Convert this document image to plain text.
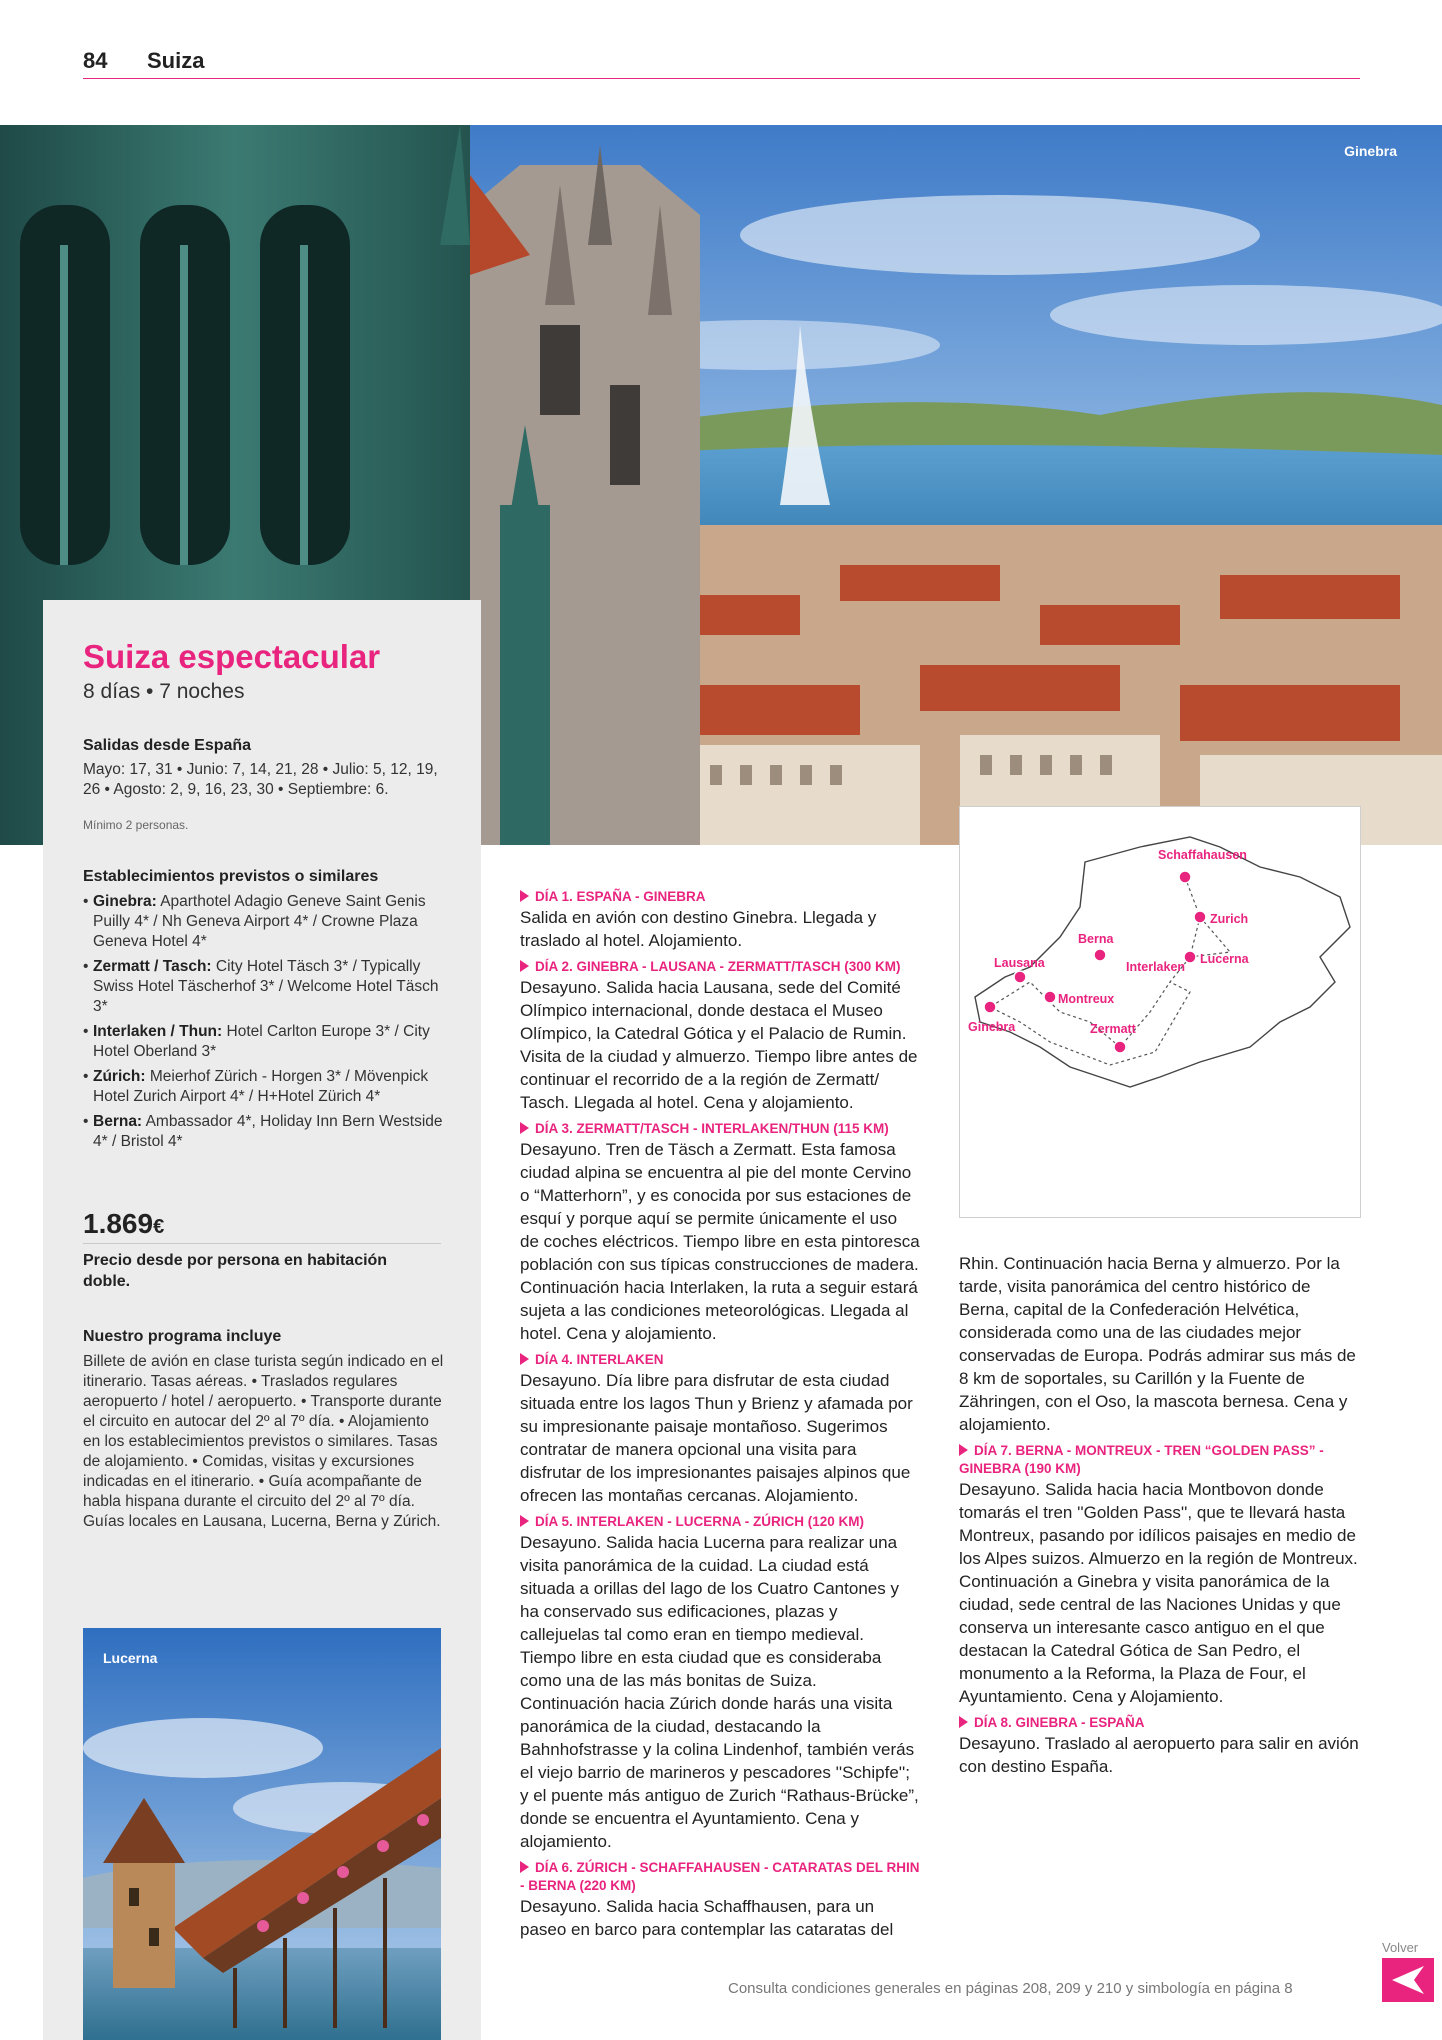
84 Suiza
Ginebra
Suiza espectacular
8 días • 7 noches
Salidas desde España
Mayo: 17, 31 • Junio: 7, 14, 21, 28 • Julio: 5, 12, 19, 26 • Agosto: 2, 9, 16, 23, 30 • Septiembre: 6.
Mínimo 2 personas.
Establecimientos previstos o similares
• Ginebra: Aparthotel Adagio Geneve Saint Genis Puilly 4* / Nh Geneva Airport 4* / Crowne Plaza Geneva Hotel 4*
• Zermatt / Tasch: City Hotel Täsch 3* / Typically Swiss Hotel Täscherhof 3* / Welcome Hotel Täsch 3*
• Interlaken / Thun: Hotel Carlton Europe 3* / City Hotel Oberland 3*
• Zúrich: Meierhof Zürich - Horgen 3* / Mövenpick Hotel Zurich Airport 4* / H+Hotel Zürich 4*
• Berna: Ambassador 4*, Holiday Inn Bern Westside 4* / Bristol 4*
1.869€
Precio desde por persona en habitación doble.
Nuestro programa incluye
Billete de avión en clase turista según indicado en el itinerario. Tasas aéreas. • Traslados regulares aeropuerto / hotel / aeropuerto. • Transporte durante el circuito en autocar del 2º al 7º día. • Alojamiento en los establecimientos previstos o similares. Tasas de alojamiento. • Comidas, visitas y excursiones indicadas en el itinerario. • Guía acompañante de habla hispana durante el circuito del 2º al 7º día. Guías locales en Lausana, Lucerna, Berna y Zúrich.
Lucerna
Schaffahausen
Zurich
Lucerna
Berna
Interlaken
Lausana
Montreux
Ginebra	Zermatt
DÍA 1. ESPAÑA - GINEBRA

Salida en avión con destino Ginebra. Llegada y traslado al hotel. Alojamiento.

DÍA 2. GINEBRA - LAUSANA - ZERMATT/TASCH (300 KM)

Desayuno. Salida hacia Lausana, sede del Comité Olímpico internacional, donde destaca el Museo Olímpico, la Catedral Gótica y el Palacio de Rumin. Visita de la ciudad y almuerzo. Tiempo libre antes de continuar el recorrido de a la región de Zermatt/ Tasch. Llegada al hotel. Cena y alojamiento.

DÍA 3. ZERMATT/TASCH - INTERLAKEN/THUN (115 KM)

Desayuno. Tren de Täsch a Zermatt. Esta famosa ciudad alpina se encuentra al pie del monte Cervino o “Matterhorn”, y es conocida por sus estaciones de esquí y porque aquí se permite únicamente el uso de coches eléctricos. Tiempo libre en esta pintoresca población con sus típicas construcciones de madera. Continuación hacia Interlaken, la ruta a seguir estará sujeta a las condiciones meteorológicas. Llegada al hotel. Cena y alojamiento.

DÍA 4. INTERLAKEN

Desayuno. Día libre para disfrutar de esta ciudad situada entre los lagos Thun y Brienz y afamada por su impresionante paisaje montañoso. Sugerimos contratar de manera opcional una visita para disfrutar de los impresionantes paisajes alpinos que ofrecen las montañas cercanas. Alojamiento.

DÍA 5. INTERLAKEN - LUCERNA - ZÚRICH (120 KM)

Desayuno. Salida hacia Lucerna para realizar una visita panorámica de la cuidad. La ciudad está situada a orillas del lago de los Cuatro Cantones y ha conservado sus edificaciones, plazas y callejuelas tal como eran en tiempo medieval. Tiempo libre en esta ciudad que es consideraba como una de las más bonitas de Suiza. Continuación hacia Zúrich donde harás una visita panorámica de la ciudad, destacando la Bahnhofstrasse y la colina Lindenhof, también verás el viejo barrio de marineros y pescadores ''Schipfe''; y el puente más antiguo de Zurich “Rathaus-Brücke”, donde se encuentra el Ayuntamiento. Cena y alojamiento.

DÍA 6. ZÚRICH - SCHAFFAHAUSEN - CATARATAS DEL RHIN - BERNA (220 KM)

Desayuno. Salida hacia Schaffhausen, para un paseo en barco para contemplar las cataratas del

Rhin. Continuación hacia Berna y almuerzo. Por la tarde, visita panorámica del centro histórico de Berna, capital de la Confederación Helvética, considerada como una de las ciudades mejor conservadas de Europa. Podrás admirar sus más de 8 km de soportales, su Carillón y la Fuente de Zähringen, con el Oso, la mascota bernesa. Cena y alojamiento.

DÍA 7. BERNA - MONTREUX - TREN “GOLDEN PASS” - GINEBRA (190 KM)

Desayuno. Salida hacia hacia Montbovon donde tomarás el tren ''Golden Pass'', que te llevará hasta Montreux, pasando por idílicos paisajes en medio de los Alpes suizos. Almuerzo en la región de Montreux. Continuación a Ginebra y visita panorámica de la ciudad, sede central de las Naciones Unidas y que conserva un interesante casco antiguo en el que destacan la Catedral Gótica de San Pedro, el monumento a la Reforma, la Plaza de Four, el Ayuntamiento. Cena y Alojamiento.

DÍA 8. GINEBRA - ESPAÑA

Desayuno. Traslado al aeropuerto para salir en avión con destino España.

Consulta condiciones generales en páginas 208, 209 y 210 y simbología en página 8
Volver
